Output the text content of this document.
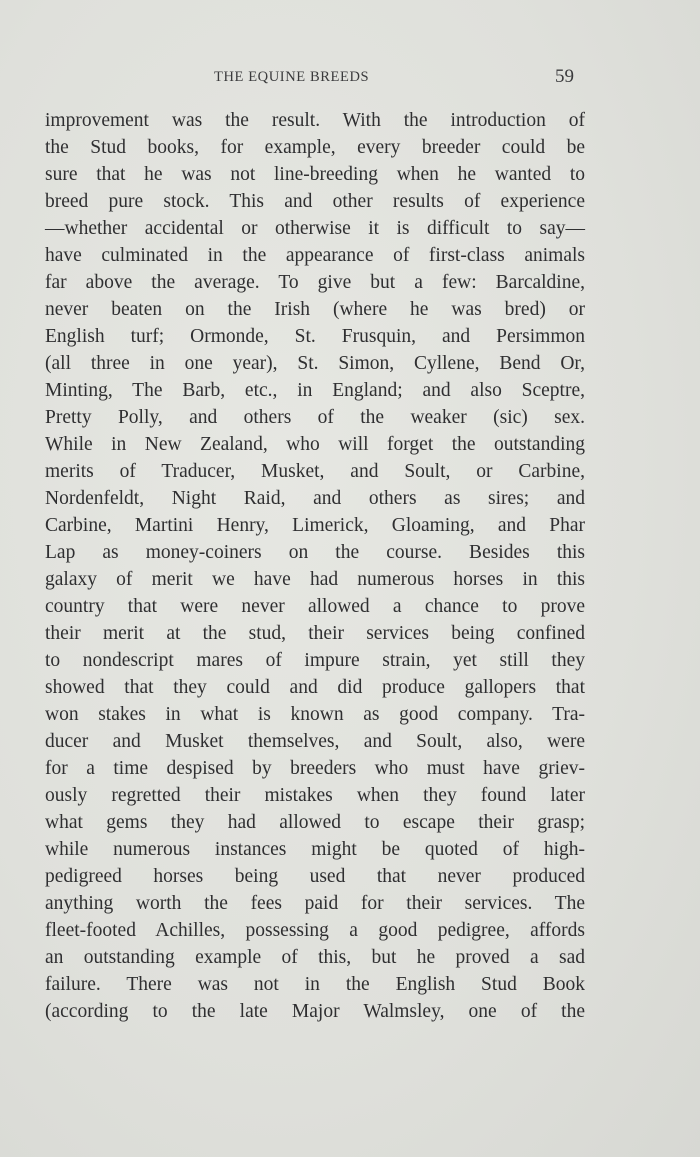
THE EQUINE BREEDS	59
improvement was the result. With the introduction of
the Stud books, for example, every breeder could be
sure that he was not line-breeding when he wanted to
breed pure stock. This and other results of experience
—whether accidental or otherwise it is difficult to say—
have culminated in the appearance of first-class animals
far above the average. To give but a few: Barcaldine,
never beaten on the Irish (where he was bred) or
English turf; Ormonde, St. Frusquin, and Persimmon
(all three in one year), St. Simon, Cyllene, Bend Or,
Minting, The Barb, etc., in England; and also Sceptre,
Pretty Polly, and others of the weaker (sic) sex.
While in New Zealand, who will forget the outstanding
merits of Traducer, Musket, and Soult, or Carbine,
Nordenfeldt, Night Raid, and others as sires; and
Carbine, Martini Henry, Limerick, Gloaming, and Phar
Lap as money-coiners on the course. Besides this
galaxy of merit we have had numerous horses in this
country that were never allowed a chance to prove
their merit at the stud, their services being confined
to nondescript mares of impure strain, yet still they
showed that they could and did produce gallopers that
won stakes in what is known as good company. Tra-
ducer and Musket themselves, and Soult, also, were
for a time despised by breeders who must have griev-
ously regretted their mistakes when they found later
what gems they had allowed to escape their grasp;
while numerous instances might be quoted of high-
pedigreed horses being used that never produced
anything worth the fees paid for their services. The
fleet-footed Achilles, possessing a good pedigree, affords
an outstanding example of this, but he proved a sad
failure. There was not in the English Stud Book
(according to the late Major Walmsley, one of the
